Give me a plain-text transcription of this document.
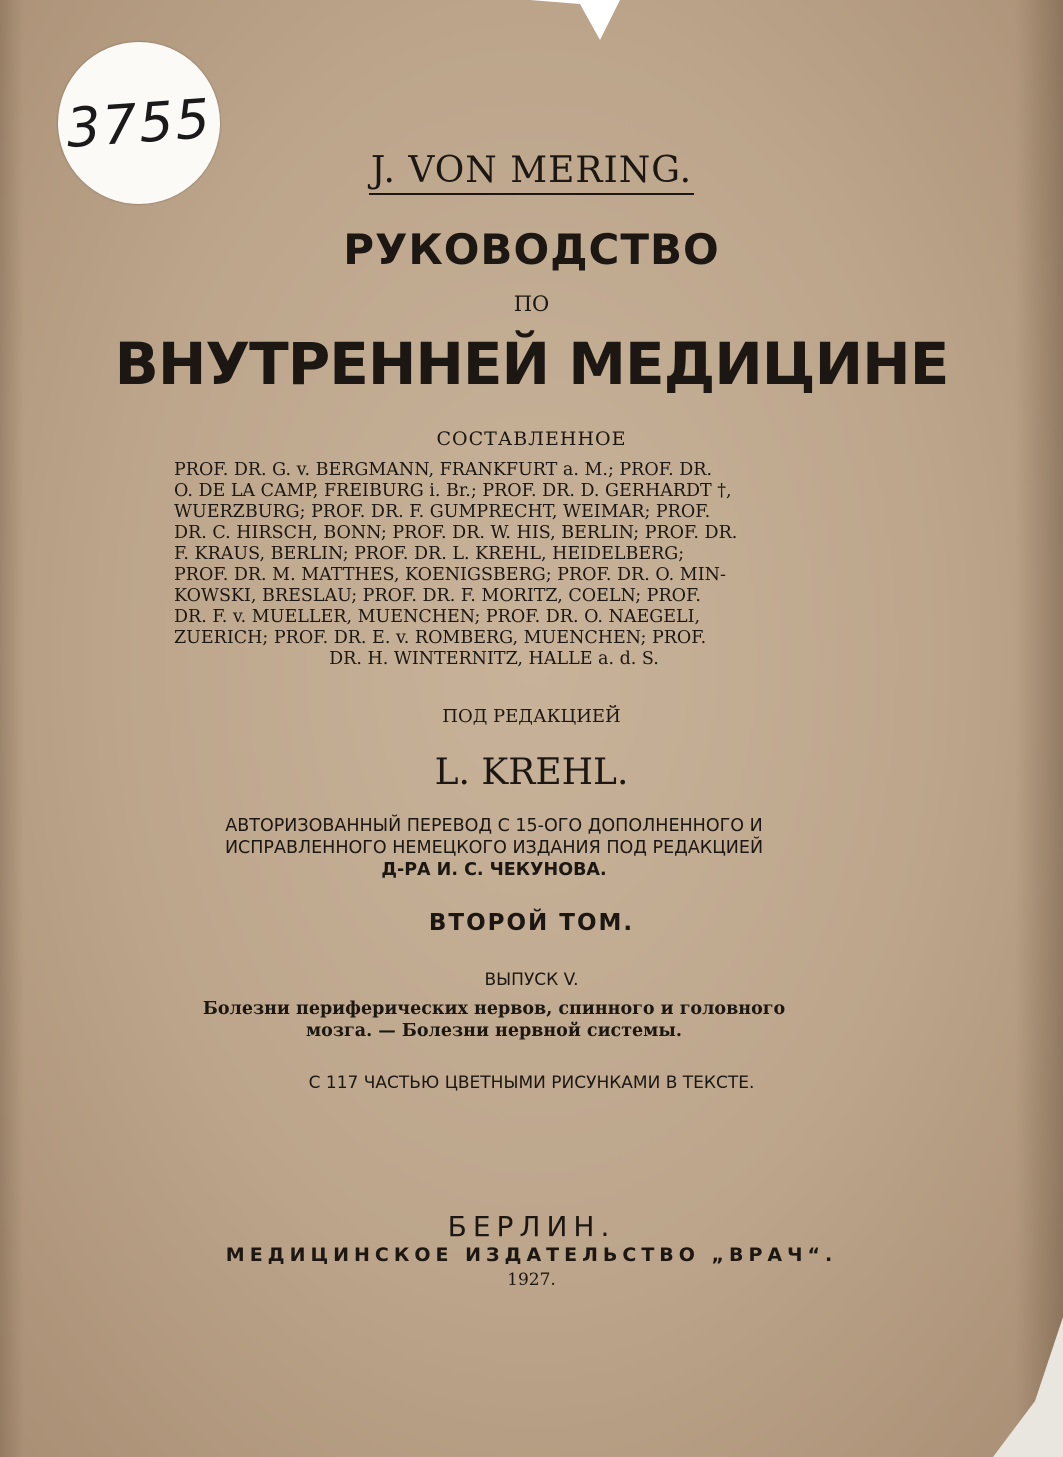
3755
J. VON MERING.
РУКОВОДСТВО
ПО
ВНУТРЕННЕЙ МЕДИЦИНЕ
СОСТАВЛЕННОЕ
PROF. DR. G. v. BERGMANN, FRANKFURT a. M.; PROF. DR.
O. DE LA CAMP, FREIBURG i. Br.; PROF. DR. D. GERHARDT †,
WUERZBURG; PROF. DR. F. GUMPRECHT, WEIMAR; PROF.
DR. C. HIRSCH, BONN; PROF. DR. W. HIS, BERLIN; PROF. DR.
F. KRAUS, BERLIN; PROF. DR. L. KREHL, HEIDELBERG;
PROF. DR. M. MATTHES, KOENIGSBERG; PROF. DR. O. MIN-
KOWSKI, BRESLAU; PROF. DR. F. MORITZ, COELN; PROF.
DR. F. v. MUELLER, MUENCHEN; PROF. DR. O. NAEGELI,
ZUERICH; PROF. DR. E. v. ROMBERG, MUENCHEN; PROF.
DR. H. WINTERNITZ, HALLE a. d. S.
ПОД РЕДАКЦИЕЙ
L. KREHL.
АВТОРИЗОВАННЫЙ ПЕРЕВОД С 15-ОГО ДОПОЛНЕННОГО И
ИСПРАВЛЕННОГО НЕМЕЦКОГО ИЗДАНИЯ ПОД РЕДАКЦИЕЙ
Д-РА И. С. ЧЕКУНОВА.
ВТОРОЙ ТОМ.
ВЫПУСК V.
Болезни периферических нервов, спинного и головного
мозга. — Болезни нервной системы.
С 117 ЧАСТЬЮ ЦВЕТНЫМИ РИСУНКАМИ В ТЕКСТЕ.
БЕРЛИН.
МЕДИЦИНСКОЕ ИЗДАТЕЛЬСТВО „ВРАЧ“.
1927.
